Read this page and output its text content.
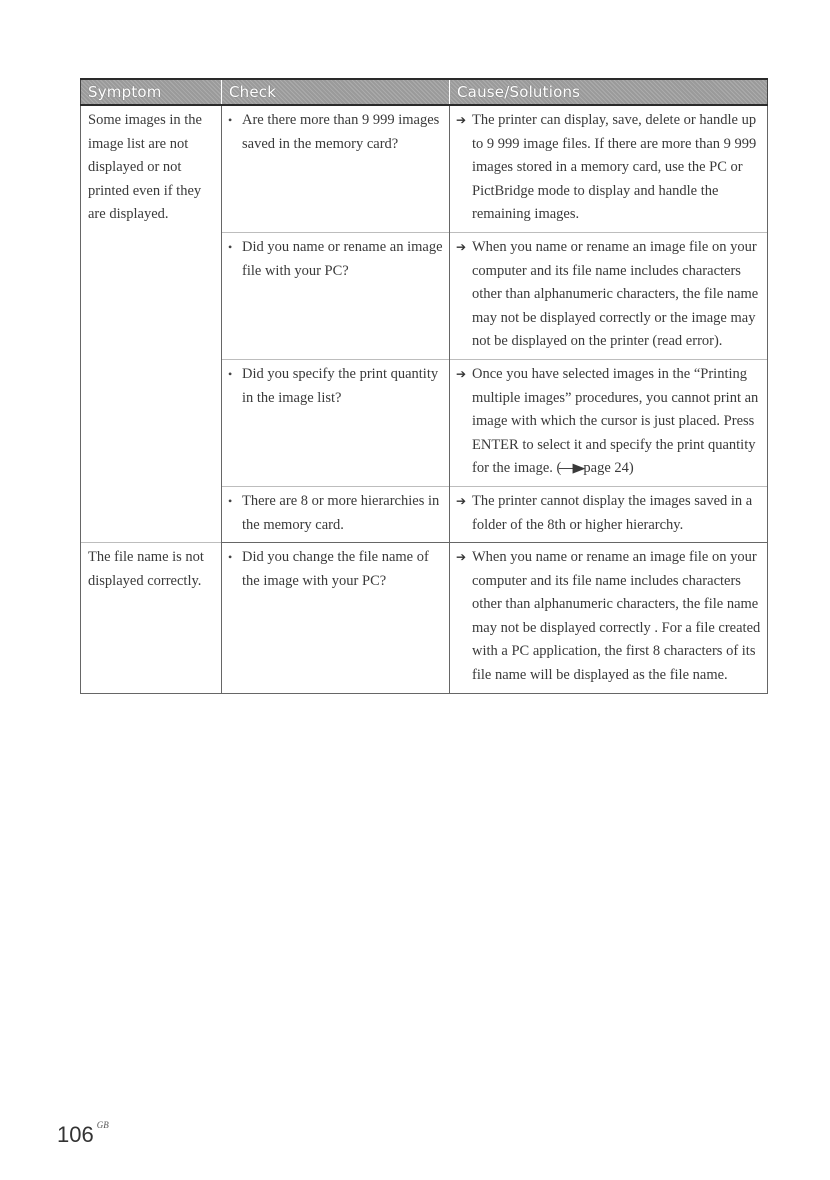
Symptom	Check	Cause/Solutions
Some images in the image list are not displayed or not printed even if they are displayed.	• Are there more than 9 999 images saved in the memory card?	➔ The printer can display, save, delete or handle up to 9 999 image files. If there are more than 9 999 images stored in a memory card, use the PC or PictBridge mode to display and handle the remaining images.

	• Did you name or rename an image file with your PC?	➔ When you name or rename an image file on your computer and its file name includes characters other than alphanumeric characters, the file name may not be displayed correctly or the image may not be displayed on the printer (read error).

	• Did you specify the print quantity in the image list?	➔ Once you have selected images in the “Printing multiple images” procedures, you cannot print an image with which the cursor is just placed. Press ENTER to select it and specify the print quantity for the image. (—▶page 24)

	• There are 8 or more hierarchies in the memory card.	➔ The printer cannot display the images saved in a folder of the 8th or higher hierarchy.

The file name is not displayed correctly.	• Did you change the file name of the image with your PC?	➔ When you name or rename an image file on your computer and its file name includes characters other than alphanumeric characters, the file name may not be displayed correctly . For a file created with a PC application, the first 8 characters of its file name will be displayed as the file name.
106 $^{GB}$
